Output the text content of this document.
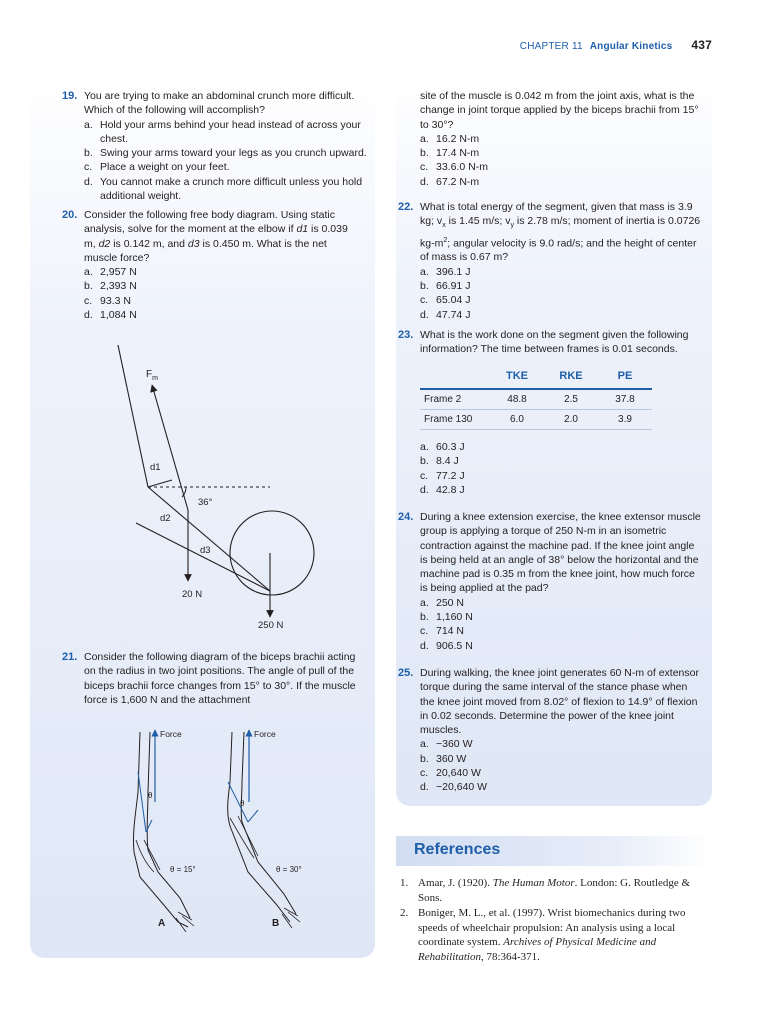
CHAPTER 11 Angular Kinetics 437
19. You are trying to make an abdominal crunch more difficult. Which of the following will accomplish?
a. Hold your arms behind your head instead of across your chest.
b. Swing your arms toward your legs as you crunch upward.
c. Place a weight on your feet.
d. You cannot make a crunch more difficult unless you hold additional weight.
20. Consider the following free body diagram. Using static analysis, solve for the moment at the elbow if d1 is 0.039 m, d2 is 0.142 m, and d3 is 0.450 m. What is the net muscle force?
a. 2,957 N
b. 2,393 N
c. 93.3 N
d. 1,084 N
$F_m$
d1
d2
d3
36°
20 N
250 N
21. Consider the following diagram of the biceps brachii acting on the radius in two joint positions. The angle of pull of the biceps brachii force changes from 15° to 30°. If the muscle force is 1,600 N and the attachment
θ
Force
θ = 15°
A
θ
Force
θ = 30°
B
site of the muscle is 0.042 m from the joint axis, what is the change in joint torque applied by the biceps brachii from 15° to 30°?
a. 16.2 N-m
b. 17.4 N-m
c. 33.6.0 N-m
d. 67.2 N-m
22. What is total energy of the segment, given that mass is 3.9 kg; $v_x$ is 1.45 m/s; $v_y$ is 2.78 m/s; moment of inertia is 0.0726 $kg-m^2$; angular velocity is 9.0 rad/s; and the height of center of mass is 0.67 m?
a. 396.1 J
b. 66.91 J
c. 65.04 J
d. 47.74 J
23. What is the work done on the segment given the following information? The time between frames is 0.01 seconds.
	TKE	RKE	PE
Frame 2	48.8	2.5	37.8
Frame 130	6.0	2.0	3.9
a. 60.3 J
b. 8.4 J
c. 77.2 J
d. 42.8 J
24. During a knee extension exercise, the knee extensor muscle group is applying a torque of 250 N-m in an isometric contraction against the machine pad. If the knee joint angle is being held at an angle of 38° below the horizontal and the machine pad is 0.35 m from the knee joint, how much force is being applied at the pad?
a. 250 N
b. 1,160 N
c. 714 N
d. 906.5 N
25. During walking, the knee joint generates 60 N-m of extensor torque during the same interval of the stance phase when the knee joint moved from 8.02° of flexion to 14.9° of flexion in 0.02 seconds. Determine the power of the knee joint muscles.
a. −360 W
b. 360 W
c. 20,640 W
d. −20,640 W
References
1. Amar, J. (1920). The Human Motor. London: G. Routledge & Sons.
2. Boniger, M. L., et al. (1997). Wrist biomechanics during two speeds of wheelchair propulsion: An analysis using a local coordinate system. Archives of Physical Medicine and Rehabilitation, 78:364-371.
